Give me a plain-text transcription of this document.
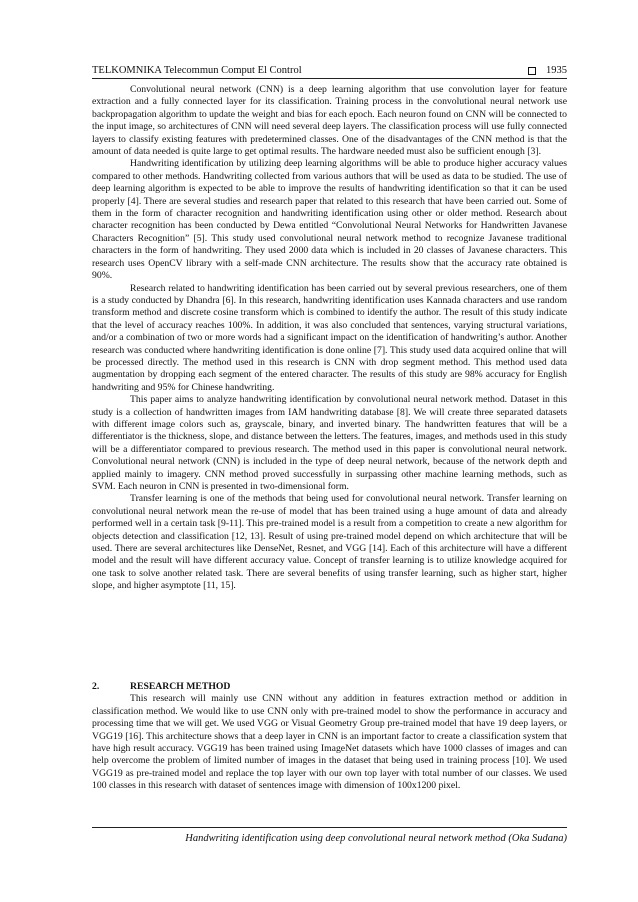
TELKOMNIKA Telecommun Comput El Control	1935

Convolutional neural network (CNN) is a deep learning algorithm that use convolution layer for feature extraction and a fully connected layer for its classification. Training process in the convolutional neural network use backpropagation algorithm to update the weight and bias for each epoch. Each neuron found on CNN will be connected to the input image, so architectures of CNN will need several deep layers. The classification process will use fully connected layers to classify existing features with predetermined classes. One of the disadvantages of the CNN method is that the amount of data needed is quite large to get optimal results. The hardware needed must also be sufficient enough [3].

Handwriting identification by utilizing deep learning algorithms will be able to produce higher accuracy values compared to other methods. Handwriting collected from various authors that will be used as data to be studied. The use of deep learning algorithm is expected to be able to improve the results of handwriting identification so that it can be used properly [4]. There are several studies and research paper that related to this research that have been carried out. Some of them in the form of character recognition and handwriting identification using other or older method. Research about character recognition has been conducted by Dewa entitled “Convolutional Neural Networks for Handwritten Javanese Characters Recognition” [5]. This study used convolutional neural network method to recognize Javanese traditional characters in the form of handwriting. They used 2000 data which is included in 20 classes of Javanese characters. This research uses OpenCV library with a self-made CNN architecture. The results show that the accuracy rate obtained is 90%.

Research related to handwriting identification has been carried out by several previous researchers, one of them is a study conducted by Dhandra [6]. In this research, handwriting identification uses Kannada characters and use random transform method and discrete cosine transform which is combined to identify the author. The result of this study indicate that the level of accuracy reaches 100%. In addition, it was also concluded that sentences, varying structural variations, and/or a combination of two or more words had a significant impact on the identification of handwriting’s author. Another research was conducted where handwriting identification is done online [7]. This study used data acquired online that will be processed directly. The method used in this research is CNN with drop segment method. This method used data augmentation by dropping each segment of the entered character. The results of this study are 98% accuracy for English handwriting and 95% for Chinese handwriting.

This paper aims to analyze handwriting identification by convolutional neural network method. Dataset in this study is a collection of handwritten images from IAM handwriting database [8]. We will create three separated datasets with different image colors such as, grayscale, binary, and inverted binary. The handwritten features that will be a differentiator is the thickness, slope, and distance between the letters. The features, images, and methods used in this study will be a differentiator compared to previous research. The method used in this paper is convolutional neural network. Convolutional neural network (CNN) is included in the type of deep neural network, because of the network depth and applied mainly to imagery. CNN method proved successfully in surpassing other machine learning methods, such as SVM. Each neuron in CNN is presented in two-dimensional form.

Transfer learning is one of the methods that being used for convolutional neural network. Transfer learning on convolutional neural network mean the re-use of model that has been trained using a huge amount of data and already performed well in a certain task [9-11]. This pre-trained model is a result from a competition to create a new algorithm for objects detection and classification [12, 13]. Result of using pre-trained model depend on which architecture that will be used. There are several architectures like DenseNet, Resnet, and VGG [14]. Each of this architecture will have a different model and the result will have different accuracy value. Concept of transfer learning is to utilize knowledge acquired for one task to solve another related task. There are several benefits of using transfer learning, such as higher start, higher slope, and higher asymptote [11, 15].

2.	RESEARCH METHOD

This research will mainly use CNN without any addition in features extraction method or addition in classification method. We would like to use CNN only with pre-trained model to show the performance in accuracy and processing time that we will get. We used VGG or Visual Geometry Group pre-trained model that have 19 deep layers, or VGG19 [16]. This architecture shows that a deep layer in CNN is an important factor to create a classification system that have high result accuracy. VGG19 has been trained using ImageNet datasets which have 1000 classes of images and can help overcome the problem of limited number of images in the dataset that being used in training process [10]. We used VGG19 as pre-trained model and replace the top layer with our own top layer with total number of our classes. We used 100 classes in this research with dataset of sentences image with dimension of 100x1200 pixel.

Handwriting identification using deep convolutional neural network method (Oka Sudana)
